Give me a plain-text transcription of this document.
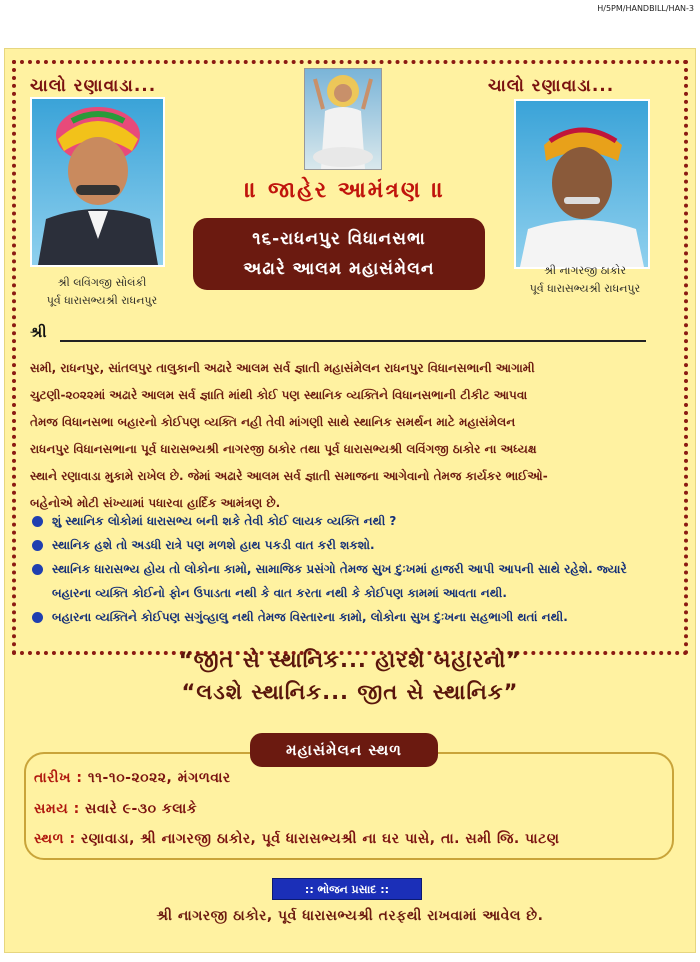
H/5PM/HANDBILL/HAN-3
ચાલો રણાવાડા...	ચાલો રણાવાડા...
શ્રી લવિંગજી સોલંકી
પૂર્વ ધારાસભ્યશ્રી રાધનપુર
શ્રી નાગરજી ઠાકોર
પૂર્વ ધારાસભ્યશ્રી રાધનપુર
॥ જાહેર આમંત્રણ ॥
૧૬-રાધનપુર વિધાનસભા
અઢારે આલમ મહાસંમેલન
શ્રી
સમી, રાધનપુર, સાંતલપુર તાલુકાની અઢારે આલમ સર્વ જ્ઞાતી મહાસંમેલન રાધનપુર વિધાનસભાની આગામી
ચુટણી-૨૦૨૨માં અઢારે આલમ સર્વ જ્ઞાતિ માંથી કોઈ પણ સ્થાનિક વ્યક્તિને વિધાનસભાની ટીકીટ આપવા
તેમજ વિધાનસભા બહારનો કોઈપણ વ્યક્તિ નહી તેવી માંગણી સાથે સ્થાનિક સમર્થન માટે મહાસંમેલન
રાધનપુર વિધાનસભાના પૂર્વ ધારાસભ્યશ્રી નાગરજી ઠાકોર તથા પૂર્વ ધારાસભ્યશ્રી લવિંગજી ઠાકોર ના અધ્યક્ષ
સ્થાને રણાવાડા મુકામે રાખેલ છે. જેમાં અઢારે આલમ સર્વ જ્ઞાતી સમાજના આગેવાનો તેમજ કાર્યકર ભાઈઓ-
બહેનોએ મોટી સંખ્યામાં પધારવા હાર્દિક આમંત્રણ છે.
શું સ્થાનિક લોકોમાં ધારાસભ્ય બની શકે તેવી કોઈ લાયક વ્યક્તિ નથી ?
સ્થાનિક હશે તો અડધી રાત્રે પણ મળશે હાથ પકડી વાત કરી શકશો.
સ્થાનિક ધારાસભ્ય હોય તો લોકોના કામો, સામાજિક પ્રસંગો તેમજ સુખ દુઃખમાં હાજરી આપી આપની સાથે રહેશે. જ્યારે બહારના વ્યક્તિ કોઈનો ફોન ઉપાડતા નથી કે વાત કરતા નથી કે કોઈપણ કામમાં આવતા નથી.
બહારના વ્યક્તિને કોઈપણ સગુંવ્હાલુ નથી તેમજ વિસ્તારના કામો, લોકોના સુખ દુઃખના સહભાગી થતાં નથી.
“જીત સે સ્થાનિક... હારશે બહારનો”
“લડશે સ્થાનિક... જીત સે સ્થાનિક”
મહાસંમેલન સ્થળ
તારીખ : ૧૧-૧૦-૨૦૨૨, મંગળવાર
સમય : સવારે ૯-૩૦ કલાકે
સ્થળ : રણાવાડા, શ્રી નાગરજી ઠાકોર, પૂર્વ ધારાસભ્યશ્રી ના ઘર પાસે, તા. સમી જિ. પાટણ
:: ભોજન પ્રસાદ ::
શ્રી નાગરજી ઠાકોર, પૂર્વ ધારાસભ્યશ્રી તરફથી રાખવામાં આવેલ છે.
